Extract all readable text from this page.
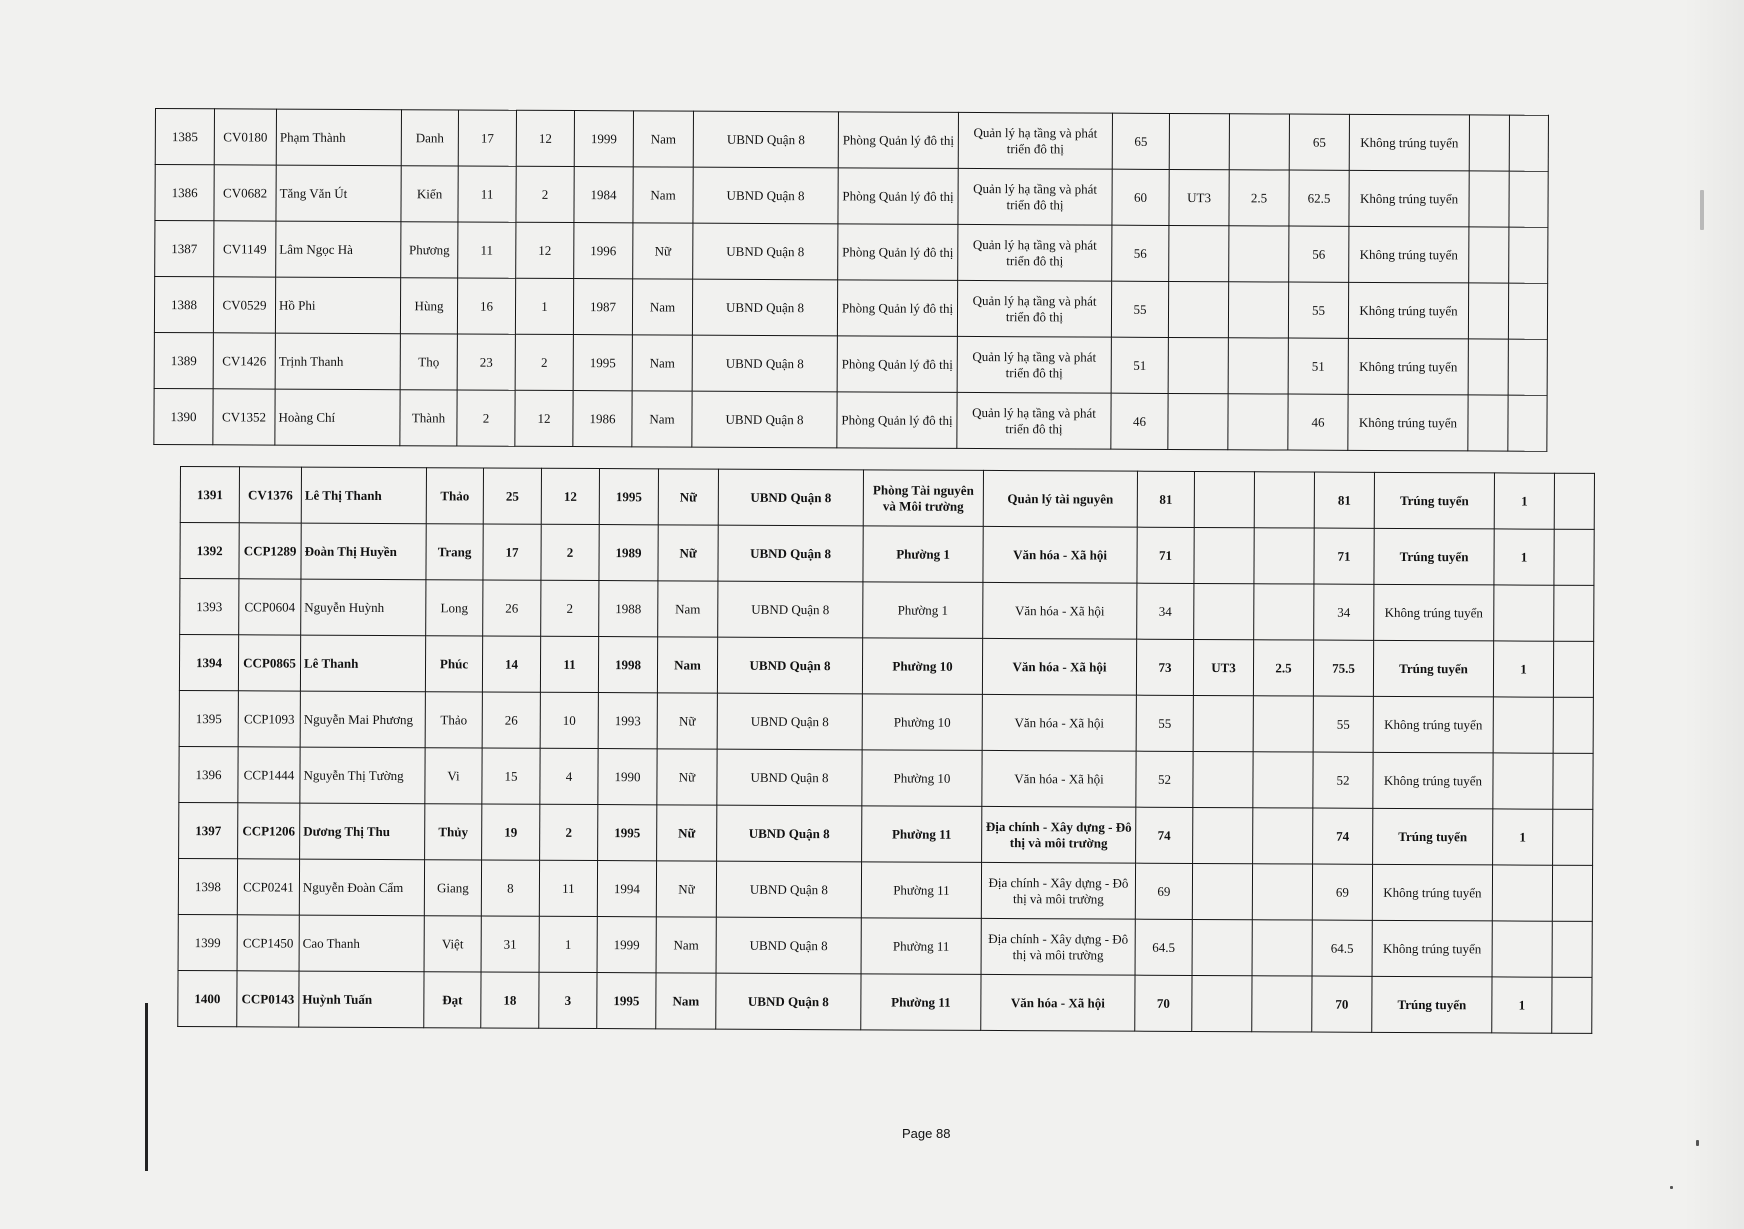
1385	CV0180	Phạm Thành	Danh	17	12	1999	Nam	UBND Quận 8	Phòng Quản lý đô thị	Quản lý hạ tầng và phát triển đô thị	65			65	Không trúng tuyển		
1386	CV0682	Tăng Văn Út	Kiến	11	2	1984	Nam	UBND Quận 8	Phòng Quản lý đô thị	Quản lý hạ tầng và phát triển đô thị	60	UT3	2.5	62.5	Không trúng tuyển		
1387	CV1149	Lâm Ngọc Hà	Phương	11	12	1996	Nữ	UBND Quận 8	Phòng Quản lý đô thị	Quản lý hạ tầng và phát triển đô thị	56			56	Không trúng tuyển		
1388	CV0529	Hồ Phi	Hùng	16	1	1987	Nam	UBND Quận 8	Phòng Quản lý đô thị	Quản lý hạ tầng và phát triển đô thị	55			55	Không trúng tuyển		
1389	CV1426	Trịnh Thanh	Thọ	23	2	1995	Nam	UBND Quận 8	Phòng Quản lý đô thị	Quản lý hạ tầng và phát triển đô thị	51			51	Không trúng tuyển		
1390	CV1352	Hoàng Chí	Thành	2	12	1986	Nam	UBND Quận 8	Phòng Quản lý đô thị	Quản lý hạ tầng và phát triển đô thị	46			46	Không trúng tuyển		
1391	CV1376	Lê Thị Thanh	Thảo	25	12	1995	Nữ	UBND Quận 8	Phòng Tài nguyên và Môi trường	Quản lý tài nguyên	81			81	Trúng tuyển	1	
1392	CCP1289	Đoàn Thị Huyền	Trang	17	2	1989	Nữ	UBND Quận 8	Phường 1	Văn hóa - Xã hội	71			71	Trúng tuyển	1	
1393	CCP0604	Nguyễn Huỳnh	Long	26	2	1988	Nam	UBND Quận 8	Phường 1	Văn hóa - Xã hội	34			34	Không trúng tuyển		
1394	CCP0865	Lê Thanh	Phúc	14	11	1998	Nam	UBND Quận 8	Phường 10	Văn hóa - Xã hội	73	UT3	2.5	75.5	Trúng tuyển	1	
1395	CCP1093	Nguyễn Mai Phương	Thảo	26	10	1993	Nữ	UBND Quận 8	Phường 10	Văn hóa - Xã hội	55			55	Không trúng tuyển		
1396	CCP1444	Nguyễn Thị Tường	Vi	15	4	1990	Nữ	UBND Quận 8	Phường 10	Văn hóa - Xã hội	52			52	Không trúng tuyển		
1397	CCP1206	Dương Thị Thu	Thủy	19	2	1995	Nữ	UBND Quận 8	Phường 11	Địa chính - Xây dựng - Đô thị và môi trường	74			74	Trúng tuyển	1	
1398	CCP0241	Nguyễn Đoàn Cẩm	Giang	8	11	1994	Nữ	UBND Quận 8	Phường 11	Địa chính - Xây dựng - Đô thị và môi trường	69			69	Không trúng tuyển		
1399	CCP1450	Cao Thanh	Việt	31	1	1999	Nam	UBND Quận 8	Phường 11	Địa chính - Xây dựng - Đô thị và môi trường	64.5			64.5	Không trúng tuyển		
1400	CCP0143	Huỳnh Tuấn	Đạt	18	3	1995	Nam	UBND Quận 8	Phường 11	Văn hóa - Xã hội	70			70	Trúng tuyển	1	
Page 88
